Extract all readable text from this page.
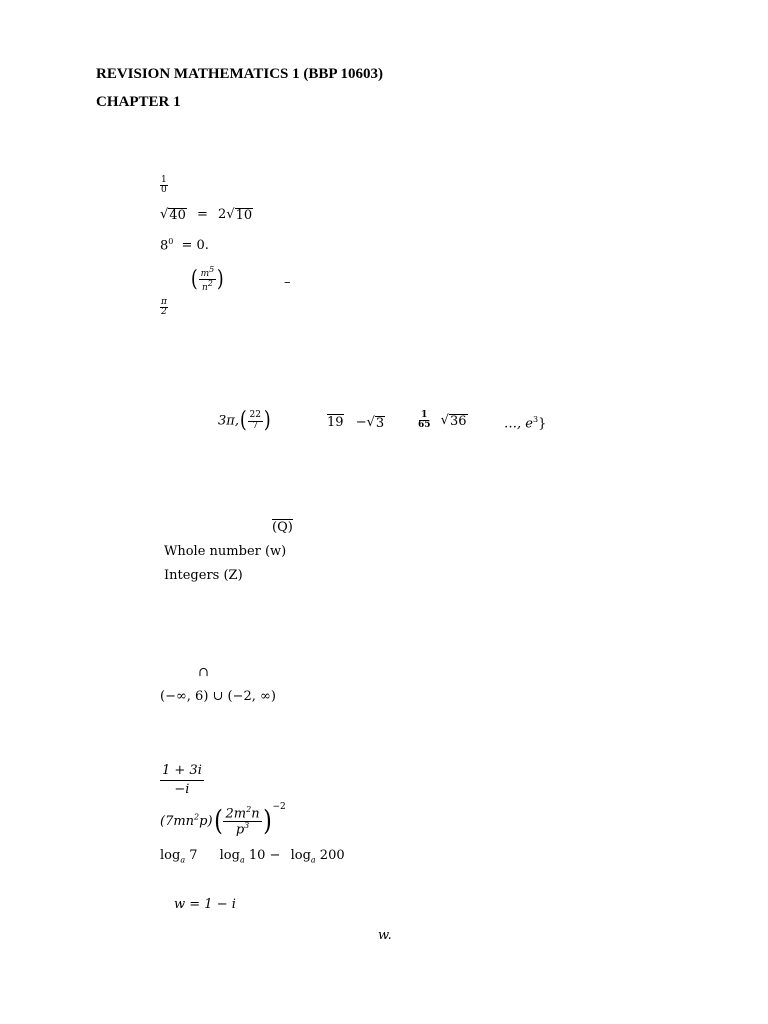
REVISION MATHEMATICS 1 (BBP 10603)
CHAPTER 1
$\frac{1}{0}$
√ 40 = 2√ 10
$8^0 = 0$.
( $\frac{m^5}{n^2}$ )	–
$\frac{\pi}{2}$
$3\pi,( \frac{22}{7}$ )	19 −√ 3	$\frac{1}{65}$ √ 36	…, $e^3$}
(Q)
Whole number (w)
Integers (Z)
∩
(−∞, 6) ∪ (−2, ∞)
$\frac{1 + 3i}{-i}$
$(7mn^2p)( \frac{2m^2n}{p^3} )^{-2}$
$\log_a 7$ $\log_a 10 - \log_a 200$
w = 1 − i
w.
